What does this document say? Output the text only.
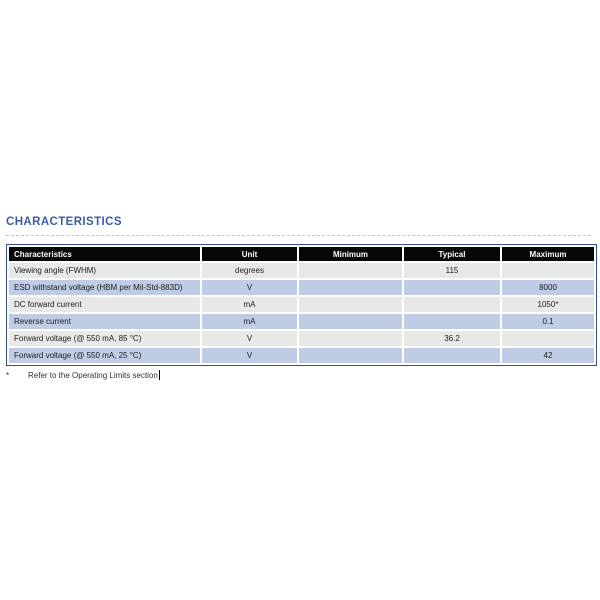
CHARACTERISTICS
Characteristics	Unit	Minimum	Typical	Maximum
Viewing angle (FWHM)	degrees		115	
ESD withstand voltage (HBM per Mil-Std-883D)	V			8000
DC forward current	mA			1050*
Reverse current	mA			0.1
Forward voltage (@ 550 mA, 85 °C)	V		36.2	
Forward voltage (@ 550 mA, 25 °C)	V			42
*	Refer to the Operating Limits section
